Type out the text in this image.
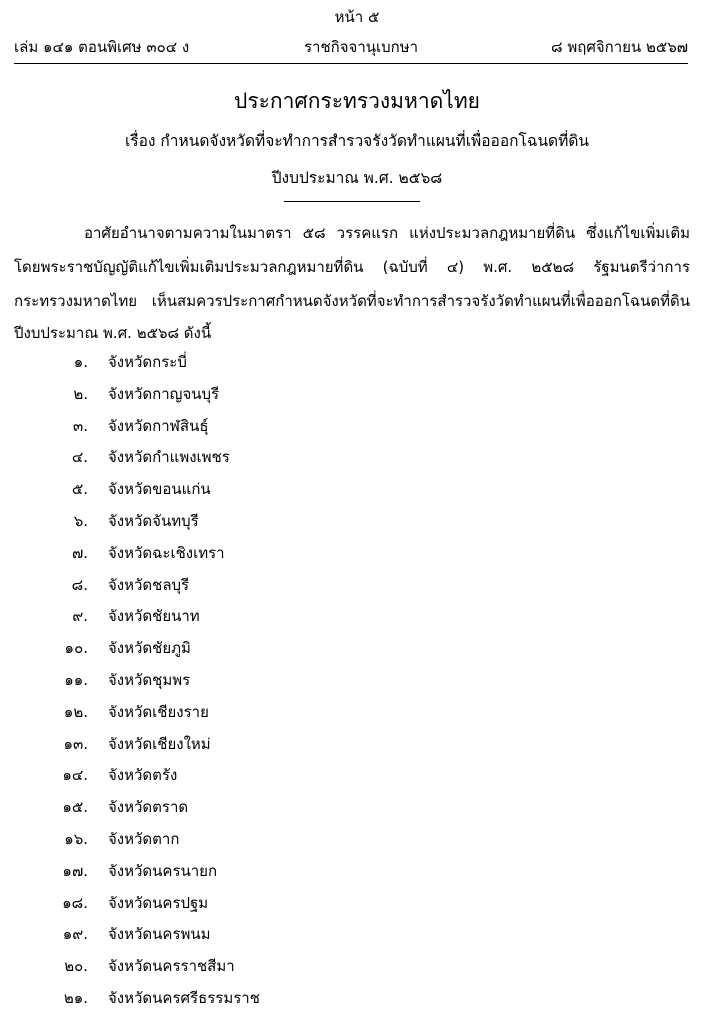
หน้า ๕
เล่ม ๑๔๑ ตอนพิเศษ ๓๐๔ ง	ราชกิจจานุเบกษา	๘ พฤศจิกายน ๒๕๖๗
ประกาศกระทรวงมหาดไทย
เรื่อง กำหนดจังหวัดที่จะทำการสำรวจรังวัดทำแผนที่เพื่อออกโฉนดที่ดิน
ปีงบประมาณ พ.ศ. ๒๕๖๘
อาศัยอำนาจตามความในมาตรา ๕๘ วรรคแรก แห่งประมวลกฎหมายที่ดิน ซึ่งแก้ไขเพิ่มเติม
โดยพระราชบัญญัติแก้ไขเพิ่มเติมประมวลกฎหมายที่ดิน (ฉบับที่ ๔) พ.ศ. ๒๕๒๘ รัฐมนตรีว่าการ
กระทรวงมหาดไทย เห็นสมควรประกาศกำหนดจังหวัดที่จะทำการสำรวจรังวัดทำแผนที่เพื่อออกโฉนดที่ดิน
ปีงบประมาณ พ.ศ. ๒๕๖๘ ดังนี้
๑. จังหวัดกระบี่
๒. จังหวัดกาญจนบุรี
๓. จังหวัดกาฬสินธุ์
๔. จังหวัดกำแพงเพชร
๕. จังหวัดขอนแก่น
๖. จังหวัดจันทบุรี
๗. จังหวัดฉะเชิงเทรา
๘. จังหวัดชลบุรี
๙. จังหวัดชัยนาท
๑๐. จังหวัดชัยภูมิ
๑๑. จังหวัดชุมพร
๑๒. จังหวัดเชียงราย
๑๓. จังหวัดเชียงใหม่
๑๔. จังหวัดตรัง
๑๕. จังหวัดตราด
๑๖. จังหวัดตาก
๑๗. จังหวัดนครนายก
๑๘. จังหวัดนครปฐม
๑๙. จังหวัดนครพนม
๒๐. จังหวัดนครราชสีมา
๒๑. จังหวัดนครศรีธรรมราช
